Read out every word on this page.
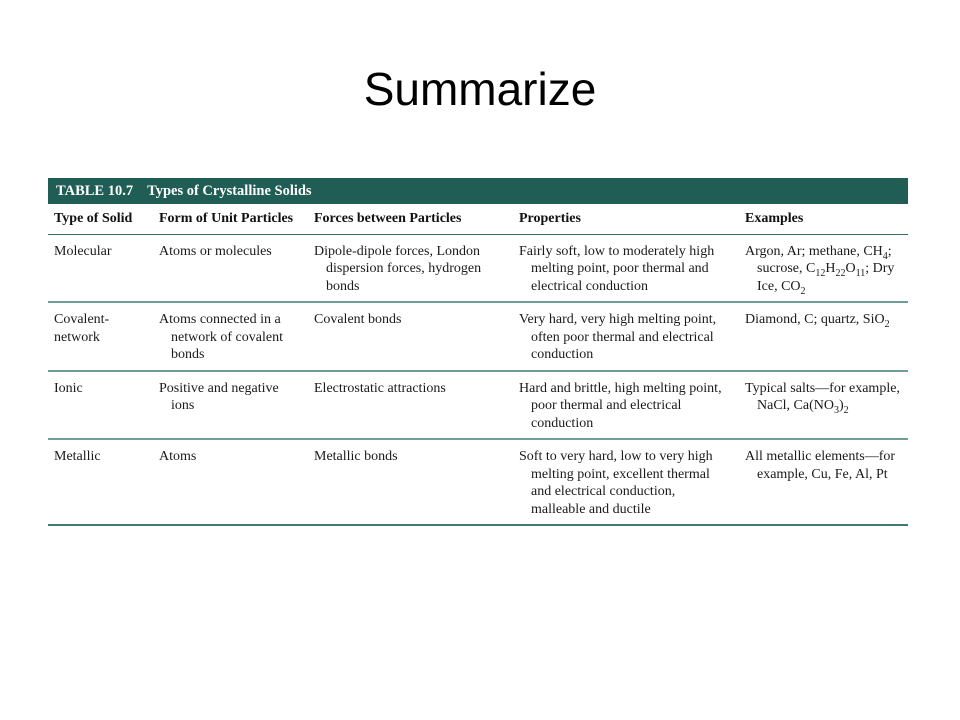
Summarize
TABLE 10.7 Types of Crystalline Solids
Type of Solid	Form of Unit Particles	Forces between Particles	Properties	Examples
Molecular	Atoms or molecules	Dipole-dipole forces, London dispersion forces, hydrogen bonds	Fairly soft, low to moderately high melting point, poor thermal and electrical conduction	Argon, Ar; methane, $CH_4$; sucrose, $C_{12}H_{22}O_{11}$; Dry Ice, $CO_2$

Covalent-network	Atoms connected in a network of covalent bonds	Covalent bonds	Very hard, very high melting point, often poor thermal and electrical conduction	Diamond, C; quartz, SiO$_2$

Ionic	Positive and negative ions	Electrostatic attractions	Hard and brittle, high melting point, poor thermal and electrical conduction	Typical salts—for example, NaCl, $Ca(NO_3)_2$

Metallic	Atoms	Metallic bonds	Soft to very hard, low to very high melting point, excellent thermal and electrical conduction, malleable and ductile	All metallic elements—for example, Cu, Fe, Al, Pt
